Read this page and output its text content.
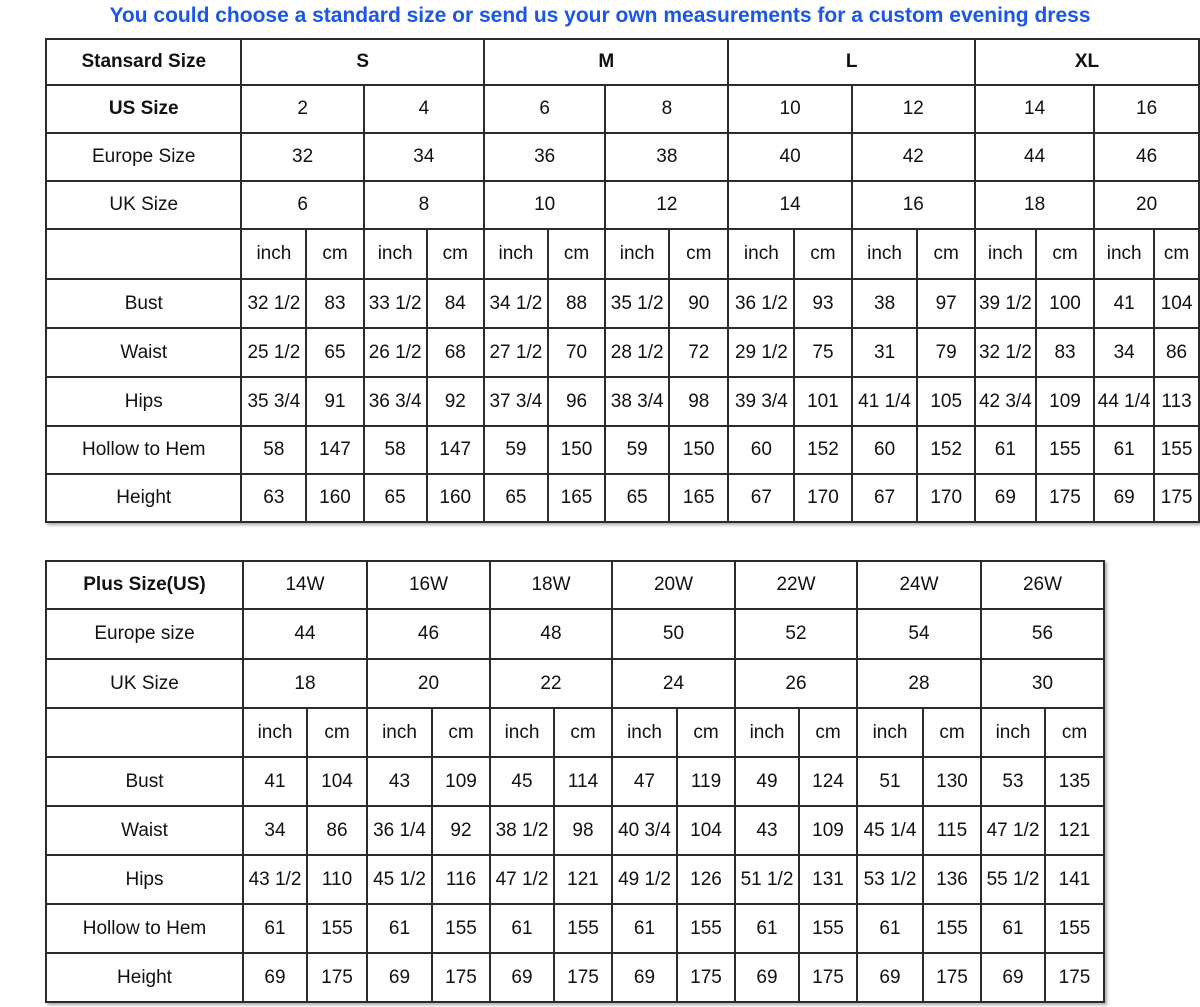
You could choose a standard size or send us your own measurements for a custom evening dress
Stansard Size	S				M				L				XL			
US Size	2		4		6		8		10		12		14		16	
Europe Size	32		34		36		38		40		42		44		46	
UK Size	6		8		10		12		14		16		18		20	
	inch	cm	inch	cm	inch	cm	inch	cm	inch	cm	inch	cm	inch	cm	inch	cm
Bust	32 1/2	83	33 1/2	84	34 1/2	88	35 1/2	90	36 1/2	93	38	97	39 1/2	100	41	104
Waist	25 1/2	65	26 1/2	68	27 1/2	70	28 1/2	72	29 1/2	75	31	79	32 1/2	83	34	86
Hips	35 3/4	91	36 3/4	92	37 3/4	96	38 3/4	98	39 3/4	101	41 1/4	105	42 3/4	109	44 1/4	113
Hollow to Hem	58	147	58	147	59	150	59	150	60	152	60	152	61	155	61	155
Height	63	160	65	160	65	165	65	165	67	170	67	170	69	175	69	175
Plus Size(US)	14W		16W		18W		20W		22W		24W		26W	
Europe size	44		46		48		50		52		54		56	
UK Size	18		20		22		24		26		28		30	
	inch	cm	inch	cm	inch	cm	inch	cm	inch	cm	inch	cm	inch	cm
Bust	41	104	43	109	45	114	47	119	49	124	51	130	53	135
Waist	34	86	36 1/4	92	38 1/2	98	40 3/4	104	43	109	45 1/4	115	47 1/2	121
Hips	43 1/2	110	45 1/2	116	47 1/2	121	49 1/2	126	51 1/2	131	53 1/2	136	55 1/2	141
Hollow to Hem	61	155	61	155	61	155	61	155	61	155	61	155	61	155
Height	69	175	69	175	69	175	69	175	69	175	69	175	69	175
